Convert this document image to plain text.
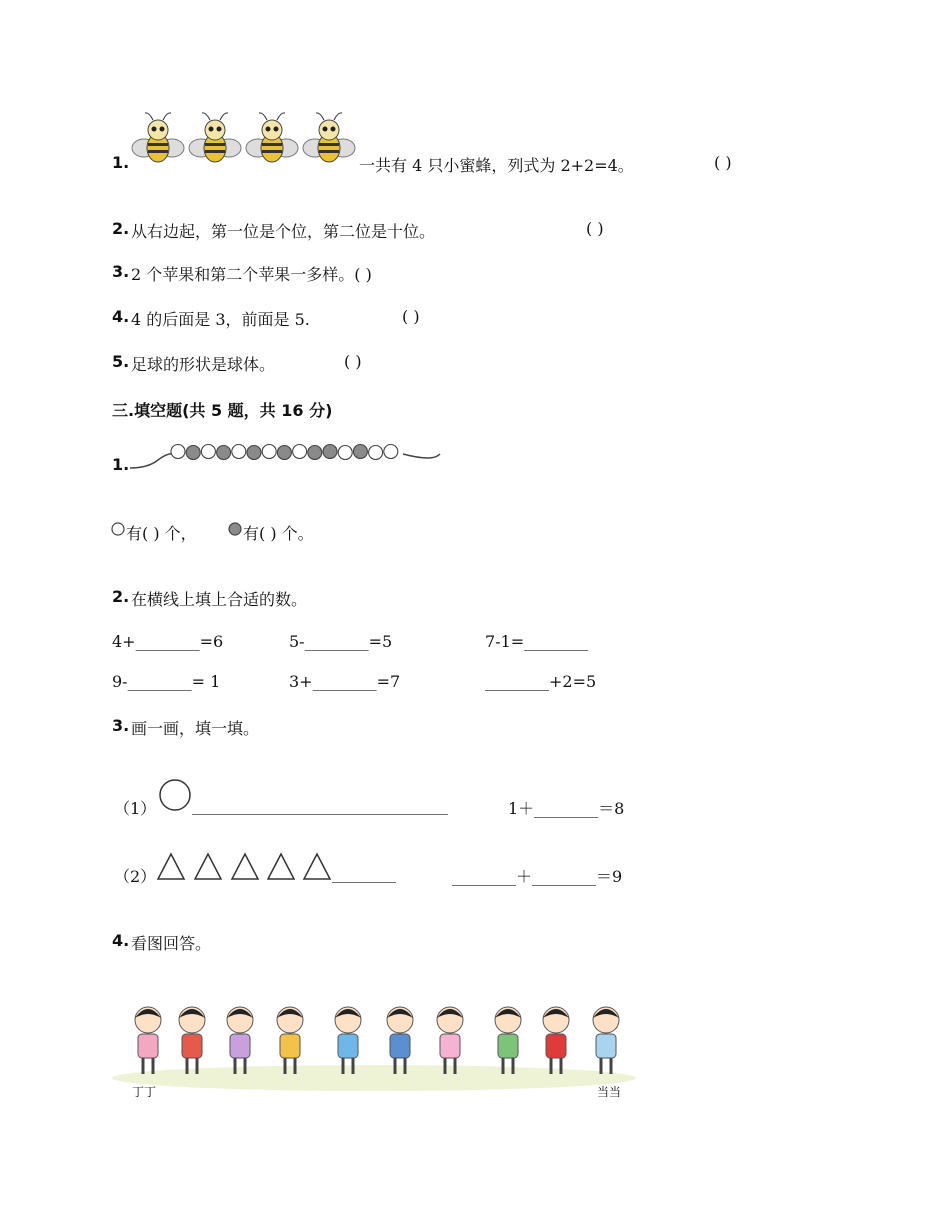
1.	一共有 4 只小蜜蜂，列式为 2+2=4。	( )
2. 从右边起，第一位是个位，第二位是十位。	( )
3. 2 个苹果和第二个苹果一多样。( )
4. 4 的后面是 3，前面是 5.	( )
5. 足球的形状是球体。	( )
三.填空题(共 5 题，共 16 分)
1.
有( ) 个，	有( ) 个。
2. 在横线上填上合适的数。
4+________=6	5-________=5	7-1=________
9-________= 1	3+________=7	________+2=5
3. 画一画，填一填。
（1） ________________________________	1＋________＝8
（2）	________	________＋________＝9
4. 看图回答。
丁丁	当当
